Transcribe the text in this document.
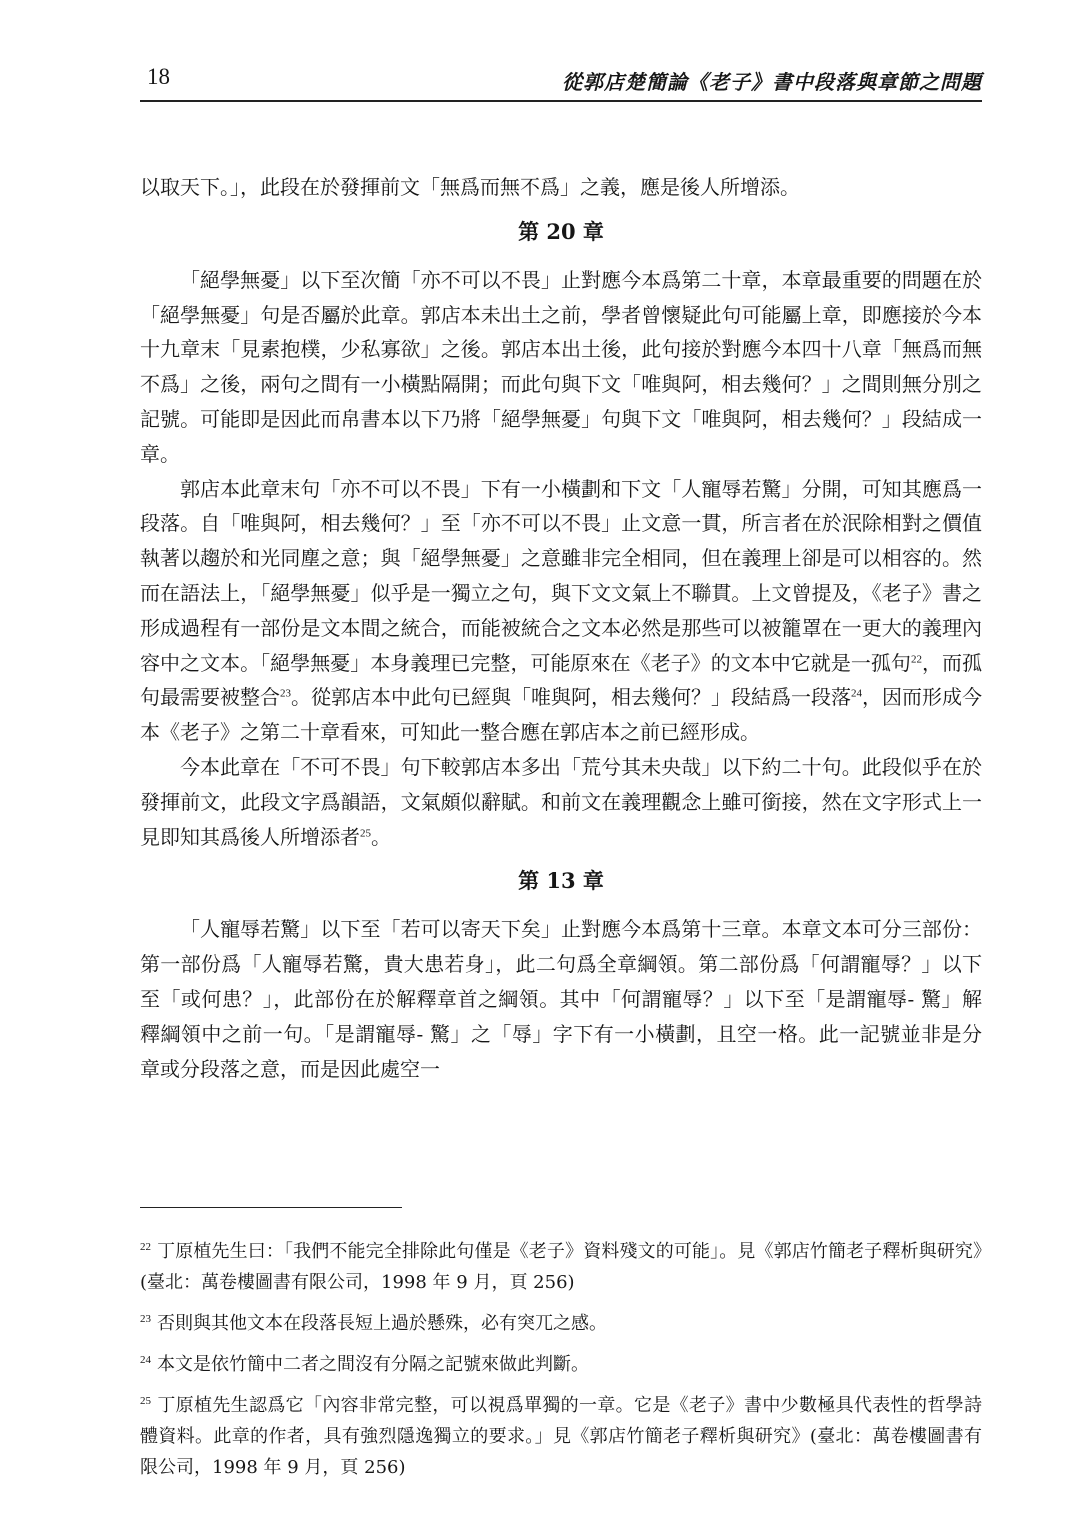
18	從郭店楚簡論《老子》書中段落與章節之問題

以取天下。」，此段在於發揮前文「無爲而無不爲」之義，應是後人所增添。

第 20 章

「絕學無憂」以下至次簡「亦不可以不畏」止對應今本爲第二十章，本章最重要的問題在於「絕學無憂」句是否屬於此章。郭店本未出土之前，學者曾懷疑此句可能屬上章，即應接於今本十九章末「見素抱樸，少私寡欲」之後。郭店本出土後，此句接於對應今本四十八章「無爲而無不爲」之後，兩句之間有一小橫點隔開；而此句與下文「唯與阿，相去幾何？」之間則無分別之記號。可能即是因此而帛書本以下乃將「絕學無憂」句與下文「唯與阿，相去幾何？」段結成一章。

郭店本此章末句「亦不可以不畏」下有一小橫劃和下文「人寵辱若驚」分開，可知其應爲一段落。自「唯與阿，相去幾何？」至「亦不可以不畏」止文意一貫，所言者在於泯除相對之價值執著以趨於和光同塵之意；與「絕學無憂」之意雖非完全相同，但在義理上卻是可以相容的。然而在語法上，「絕學無憂」似乎是一獨立之句，與下文文氣上不聯貫。上文曾提及，《老子》書之形成過程有一部份是文本間之統合，而能被統合之文本必然是那些可以被籠罩在一更大的義理內容中之文本。「絕學無憂」本身義理已完整，可能原來在《老子》的文本中它就是一孤句$^{22}$，而孤句最需要被整合$^{23}$。從郭店本中此句已經與「唯與阿，相去幾何？」段結爲一段落$^{24}$，因而形成今本《老子》之第二十章看來，可知此一整合應在郭店本之前已經形成。

今本此章在「不可不畏」句下較郭店本多出「荒兮其未央哉」以下約二十句。此段似乎在於發揮前文，此段文字爲韻語，文氣頗似辭賦。和前文在義理觀念上雖可銜接，然在文字形式上一見即知其爲後人所增添者$^{25}$。

第 13 章

「人寵辱若驚」以下至「若可以寄天下矣」止對應今本爲第十三章。本章文本可分三部份：第一部份爲「人寵辱若驚，貴大患若身」，此二句爲全章綱領。第二部份爲「何謂寵辱？」以下至「或何患？」，此部份在於解釋章首之綱領。其中「何謂寵辱？」以下至「是謂寵辱- 驚」解釋綱領中之前一句。「是謂寵辱- 驚」之「辱」字下有一小橫劃，且空一格。此一記號並非是分章或分段落之意，而是因此處空一

$^{22}$ 丁原植先生曰：「我們不能完全排除此句僅是《老子》資料殘文的可能」。見《郭店竹簡老子釋析與研究》(臺北：萬卷樓圖書有限公司，1998 年 9 月，頁 256)

$^{23}$ 否則與其他文本在段落長短上過於懸殊，必有突兀之感。

$^{24}$ 本文是依竹簡中二者之間沒有分隔之記號來做此判斷。

$^{25}$ 丁原植先生認爲它「內容非常完整，可以視爲單獨的一章。它是《老子》書中少數極具代表性的哲學詩體資料。此章的作者，具有強烈隱逸獨立的要求。」見《郭店竹簡老子釋析與研究》(臺北：萬卷樓圖書有限公司，1998 年 9 月，頁 256)
